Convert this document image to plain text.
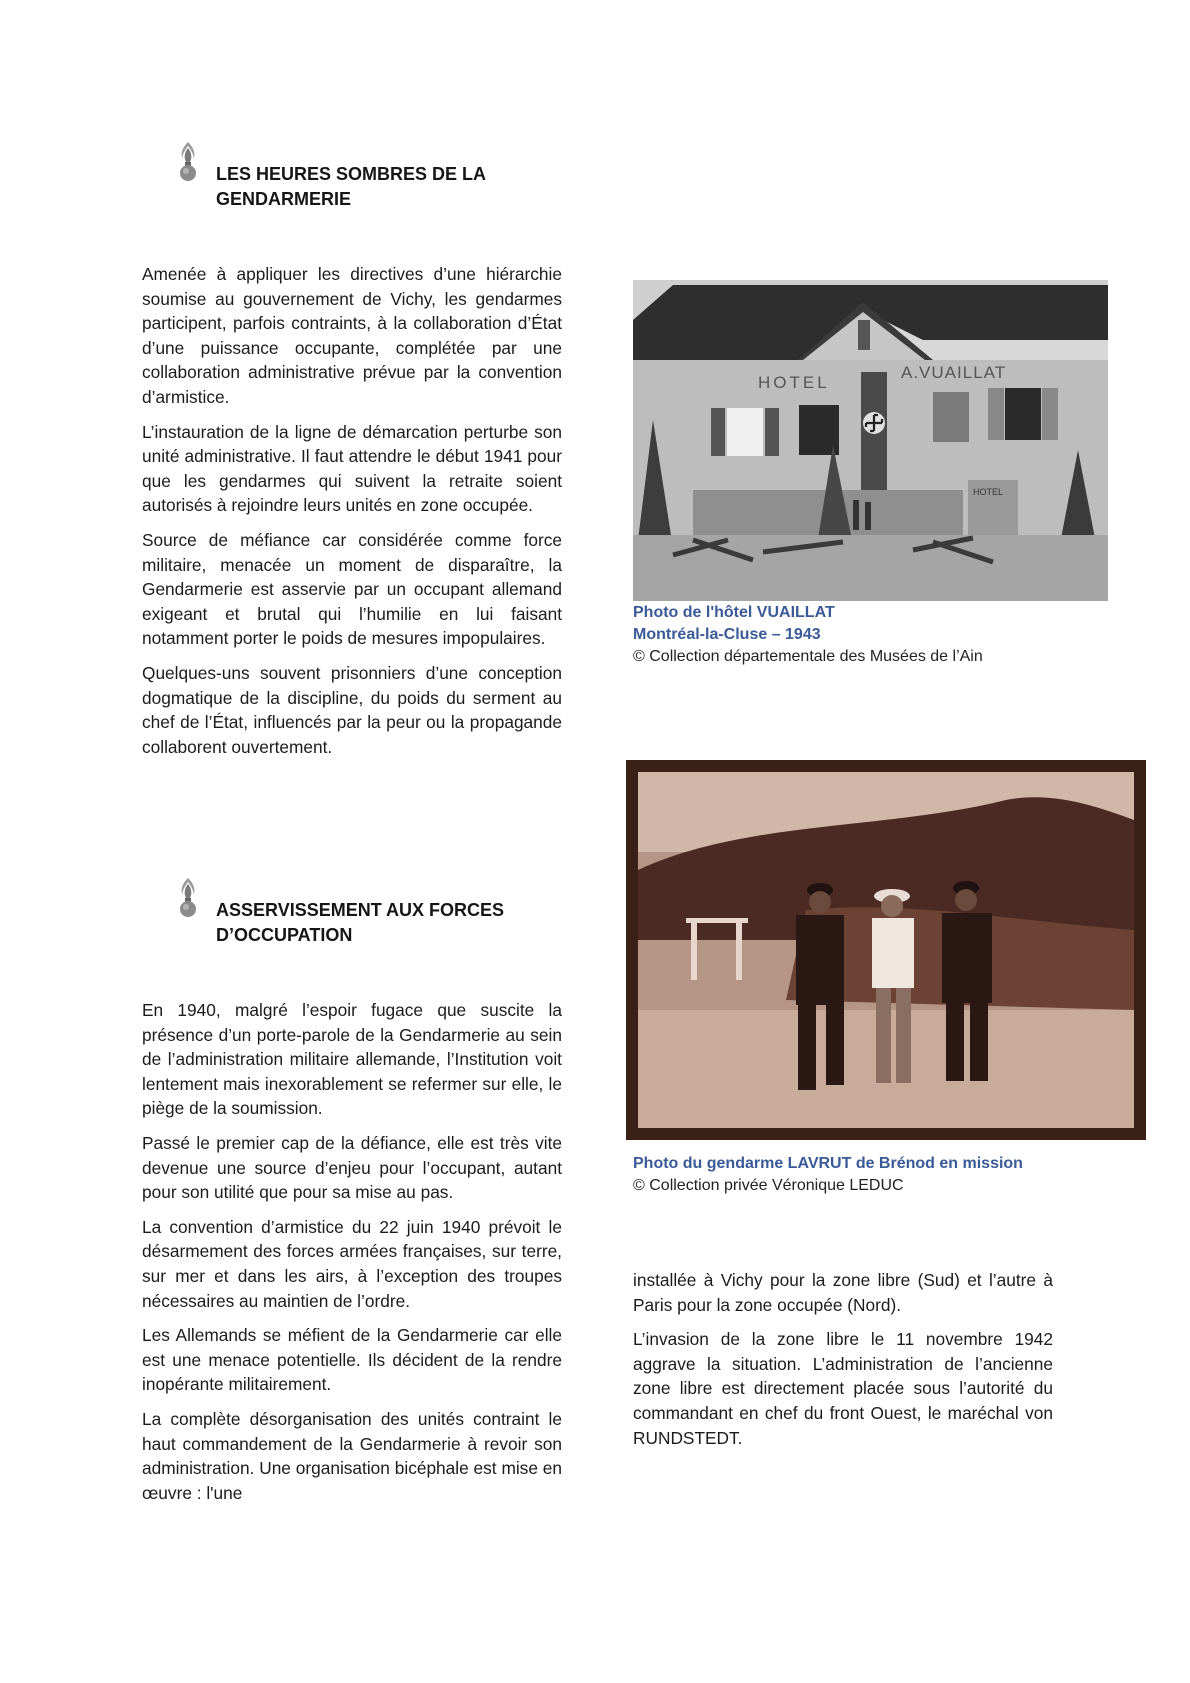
LES HEURES SOMBRES DE LA
GENDARMERIE

Amenée à appliquer les directives d’une hiérarchie soumise au gouvernement de Vichy, les gendarmes participent, parfois contraints, à la collaboration d’État d’une puissance occupante, complétée par une collaboration administrative prévue par la convention d’armistice.

L’instauration de la ligne de démarcation perturbe son unité administrative. Il faut attendre le début 1941 pour que les gendarmes qui suivent la retraite soient autorisés à rejoindre leurs unités en zone occupée.

Source de méfiance car considérée comme force militaire, menacée un moment de disparaître, la Gendarmerie est asservie par un occupant allemand exigeant et brutal qui l’humilie en lui faisant notamment porter le poids de mesures impopulaires.

Quelques-uns souvent prisonniers d’une conception dogmatique de la discipline, du poids du serment au chef de l’État, influencés par la peur ou la propagande collaborent ouvertement.

ASSERVISSEMENT AUX FORCES
D’OCCUPATION

En 1940, malgré l’espoir fugace que suscite la présence d’un porte-parole de la Gendarmerie au sein de l’administration militaire allemande, l’Institution voit lentement mais inexorablement se refermer sur elle, le piège de la soumission.

Passé le premier cap de la défiance, elle est très vite devenue une source d’enjeu pour l’occupant, autant pour son utilité que pour sa mise au pas.

La convention d’armistice du 22 juin 1940 prévoit le désarmement des forces armées françaises, sur terre, sur mer et dans les airs, à l’exception des troupes nécessaires au maintien de l’ordre.

Les Allemands se méfient de la Gendarmerie car elle est une menace potentielle. Ils décident de la rendre inopérante militairement.

La complète désorganisation des unités contraint le haut commandement de la Gendarmerie à revoir son administration. Une organisation bicéphale est mise en œuvre : l'une

HOTEL
A.VUAILLAT
HOTEL
Photo de l'hôtel VUAILLAT
Montréal-la-Cluse – 1943
© Collection départementale des Musées de l’Ain
Photo du gendarme LAVRUT de Brénod en mission
© Collection privée Véronique LEDUC

installée à Vichy pour la zone libre (Sud) et l’autre à Paris pour la zone occupée (Nord).

L’invasion de la zone libre le 11 novembre 1942 aggrave la situation. L’administration de l’ancienne zone libre est directement placée sous l’autorité du commandant en chef du front Ouest, le maréchal von RUNDSTEDT.
